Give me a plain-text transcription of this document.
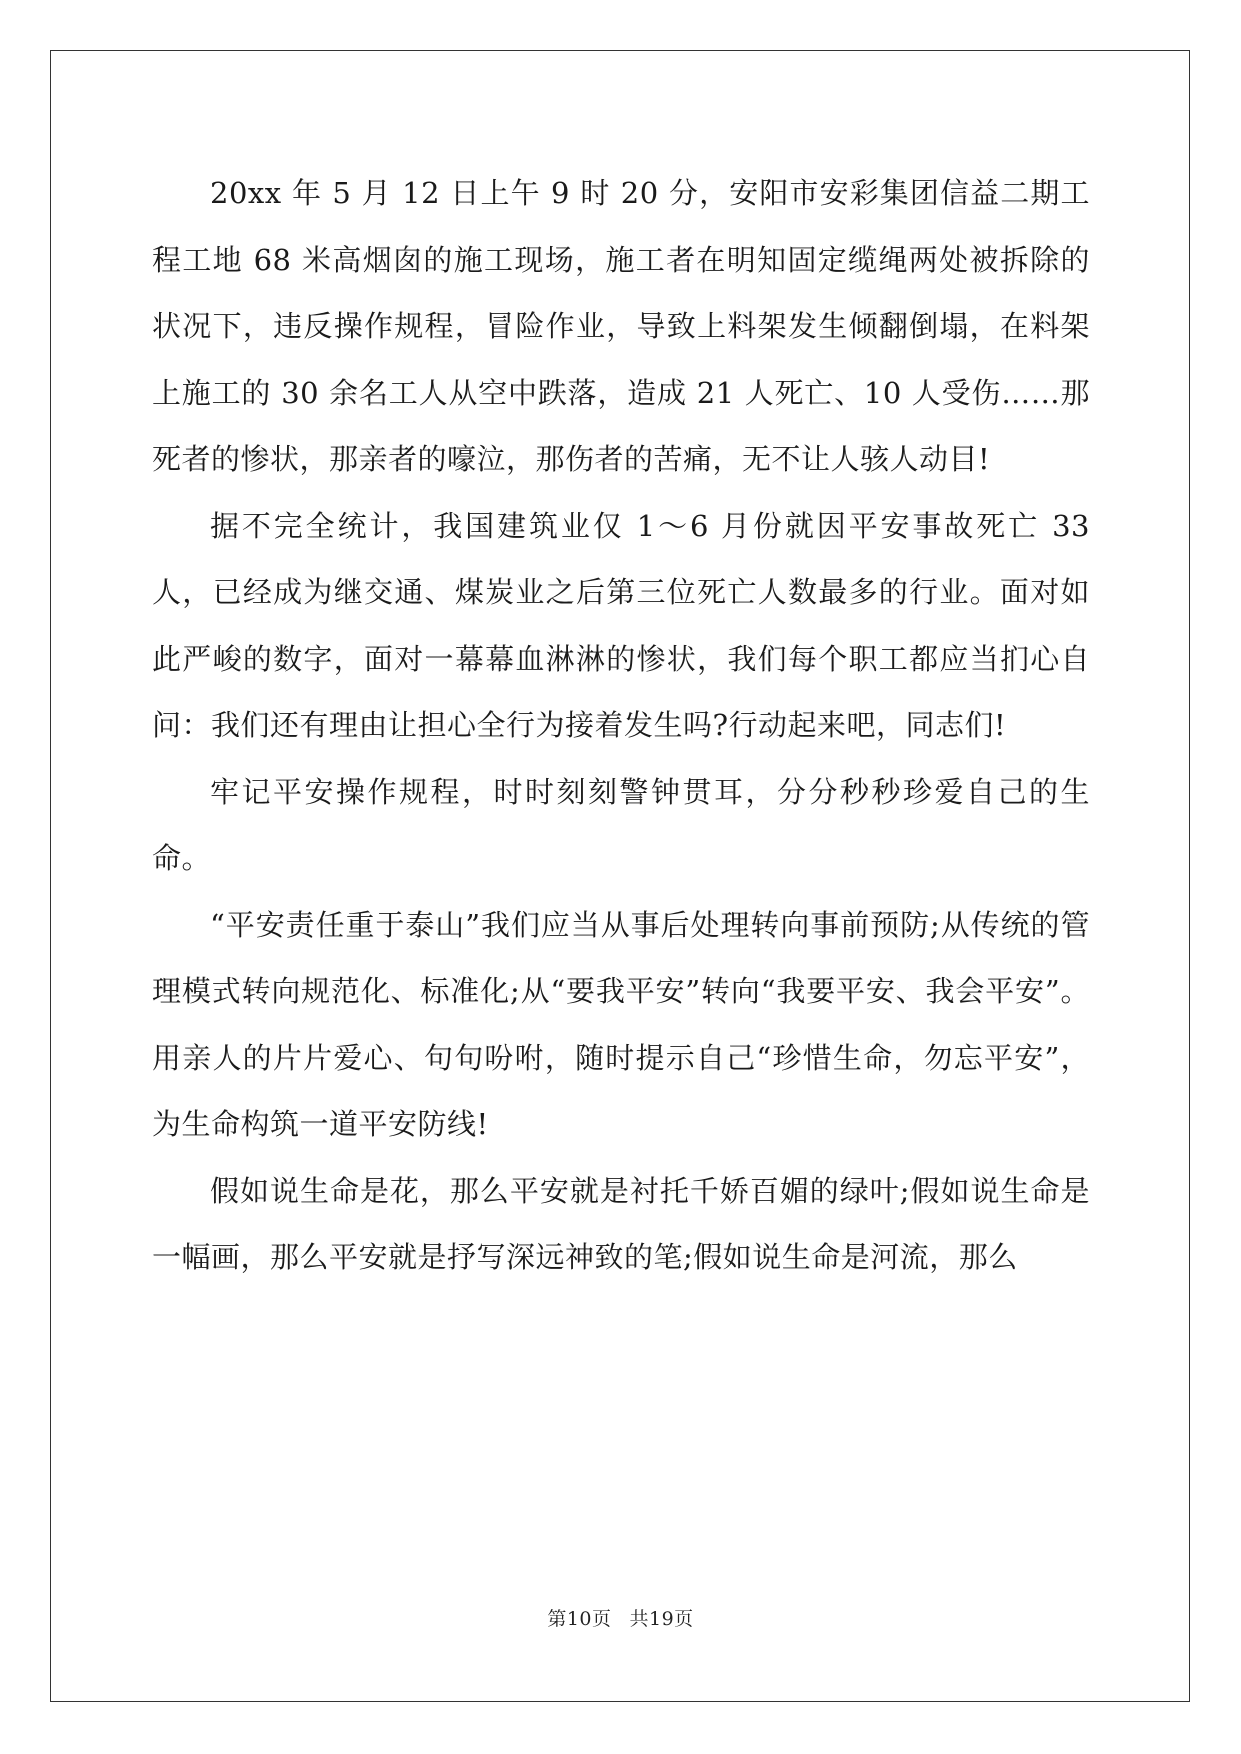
20xx 年 5 月 12 日上午 9 时 20 分，安阳市安彩集团信益二期工程工地 68 米高烟囱的施工现场，施工者在明知固定缆绳两处被拆除的状况下，违反操作规程，冒险作业，导致上料架发生倾翻倒塌，在料架上施工的 30 余名工人从空中跌落，造成 21 人死亡、10 人受伤……那死者的惨状，那亲者的嚎泣，那伤者的苦痛，无不让人骇人动目!

据不完全统计，我国建筑业仅 1～6 月份就因平安事故死亡 33 人，已经成为继交通、煤炭业之后第三位死亡人数最多的行业。面对如此严峻的数字，面对一幕幕血淋淋的惨状，我们每个职工都应当扪心自问：我们还有理由让担心全行为接着发生吗?行动起来吧，同志们!

牢记平安操作规程，时时刻刻警钟贯耳，分分秒秒珍爱自己的生命。

“平安责任重于泰山”我们应当从事后处理转向事前预防;从传统的管理模式转向规范化、标准化;从“要我平安”转向“我要平安、我会平安”。用亲人的片片爱心、句句吩咐，随时提示自己“珍惜生命，勿忘平安”，为生命构筑一道平安防线!

假如说生命是花，那么平安就是衬托千娇百媚的绿叶;假如说生命是一幅画，那么平安就是抒写深远神致的笔;假如说生命是河流，那么

第10页 共19页
